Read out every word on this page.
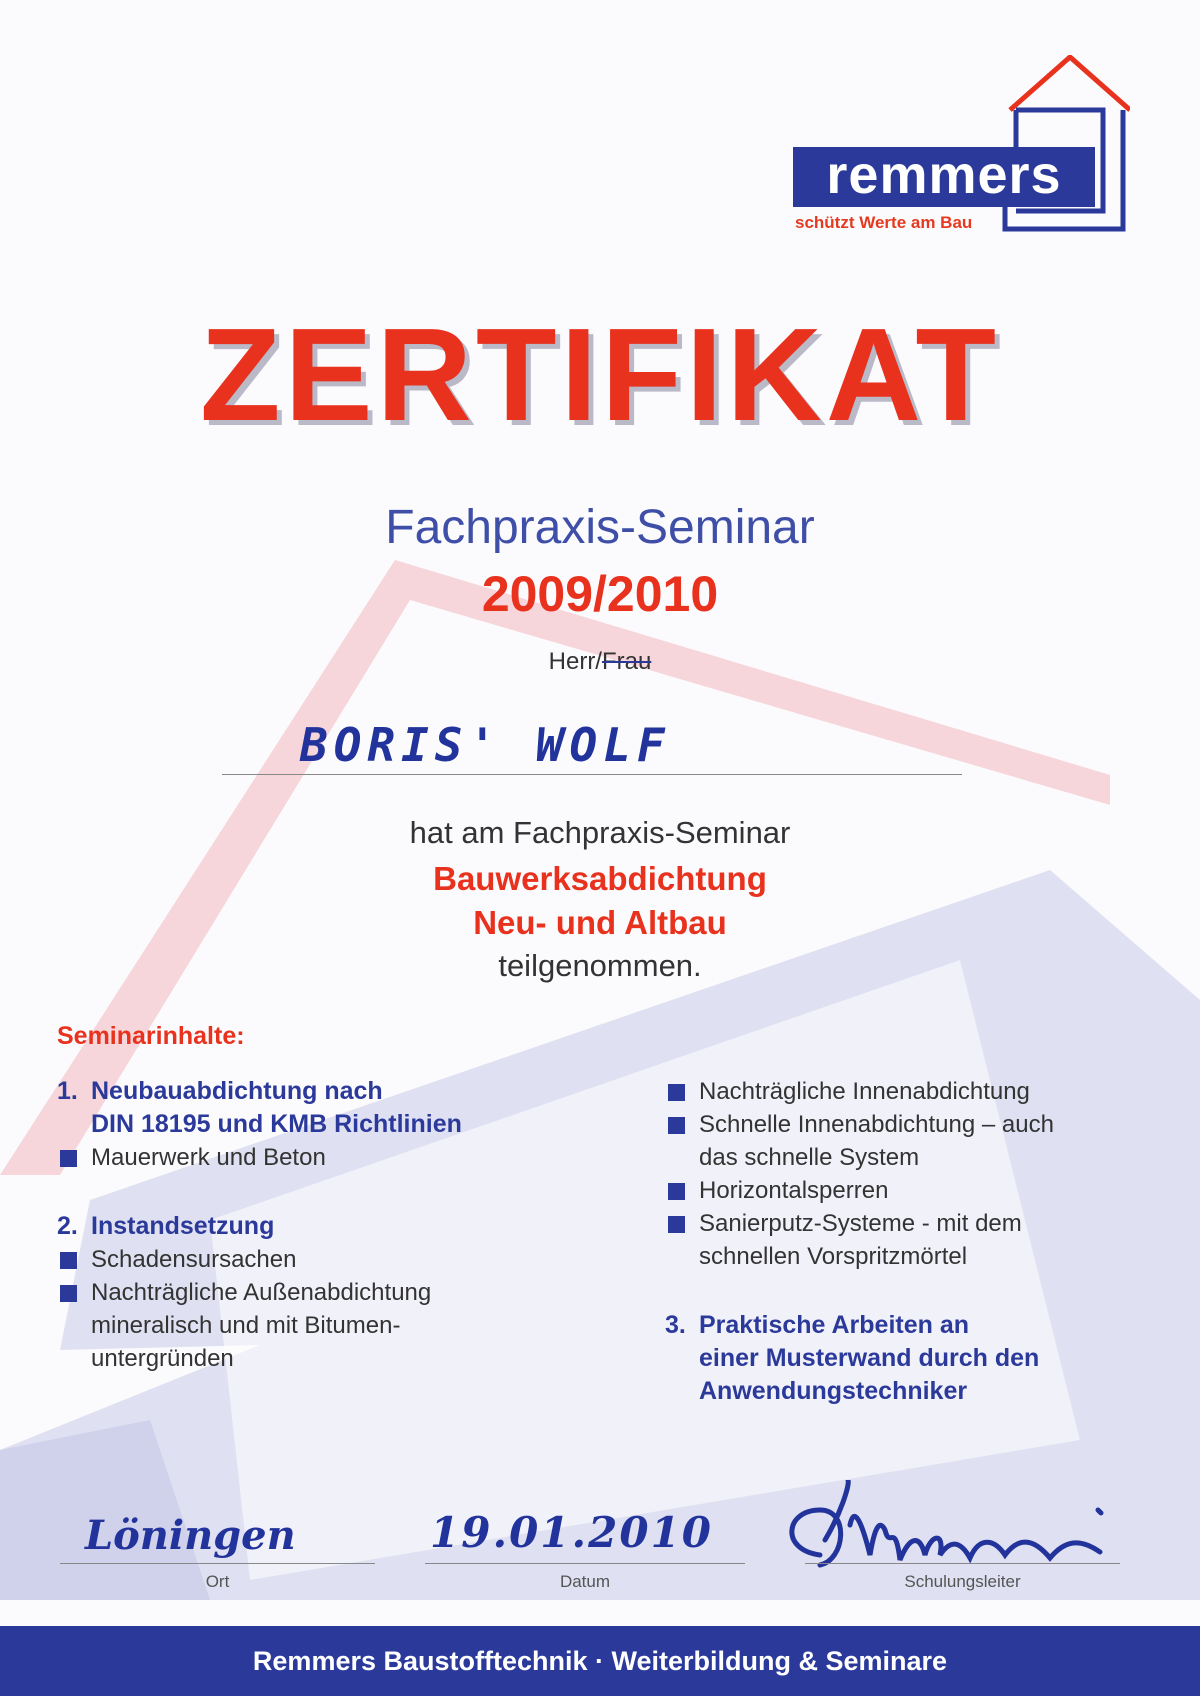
remmers
schützt Werte am Bau
ZERTIFIKAT
Fachpraxis-Seminar
2009/2010
Herr/Frau
BORIS' WOLF
hat am Fachpraxis-Seminar
Bauwerksabdichtung
Neu- und Altbau
teilgenommen.
Seminarinhalte:
1. Neubauabdichtung nach
DIN 18195 und KMB Richtlinien
Mauerwerk und Beton
2. Instandsetzung
Schadensursachen
Nachträgliche Außenabdichtung
mineralisch und mit Bitumen-
untergründen
Nachträgliche Innenabdichtung
Schnelle Innenabdichtung – auch
das schnelle System
Horizontalsperren
Sanierputz-Systeme - mit dem
schnellen Vorspritzmörtel
3. Praktische Arbeiten an
einer Musterwand durch den
Anwendungstechniker
Löningen	19.01.2010
Ort	Datum	Schulungsleiter
Remmers Baustofftechnik · Weiterbildung & Seminare
